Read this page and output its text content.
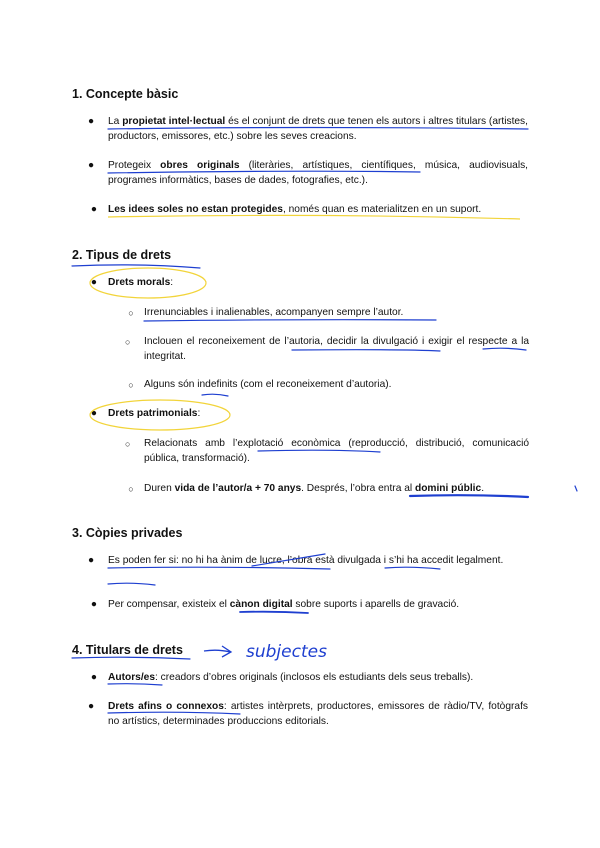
1. Concepte bàsic
●	La propietat intel·lectual és el conjunt de drets que tenen els autors i altres titulars (artistes, productors, emissores, etc.) sobre les seves creacions.
●	Protegeix obres originals (literàries, artístiques, científiques, música, audiovisuals, programes informàtics, bases de dades, fotografies, etc.).
● Les idees soles no estan protegides, només quan es materialitzen en un suport.
2. Tipus de drets
● Drets morals:
○	Irrenunciables i inalienables, acompanyen sempre l’autor.
○	Inclouen el reconeixement de l’autoria, decidir la divulgació i exigir el respecte a la integritat.
○	Alguns són indefinits (com el reconeixement d’autoria).
● Drets patrimonials:
○	Relacionats amb l’explotació econòmica (reproducció, distribució, comunicació pública, transformació).
○	Duren vida de l’autor/a + 70 anys. Després, l’obra entra al domini públic.
3. Còpies privades
●	Es poden fer si: no hi ha ànim de lucre, l’obra està divulgada i s’hi ha accedit legalment.
● Per compensar, existeix el cànon digital sobre suports i aparells de gravació.
4. Titulars de drets	subjectes
● Autors/es: creadors d’obres originals (inclosos els estudiants dels seus treballs).
●	Drets afins o connexos: artistes intèrprets, productores, emissores de ràdio/TV, fotògrafs no artístics, determinades produccions editorials.
